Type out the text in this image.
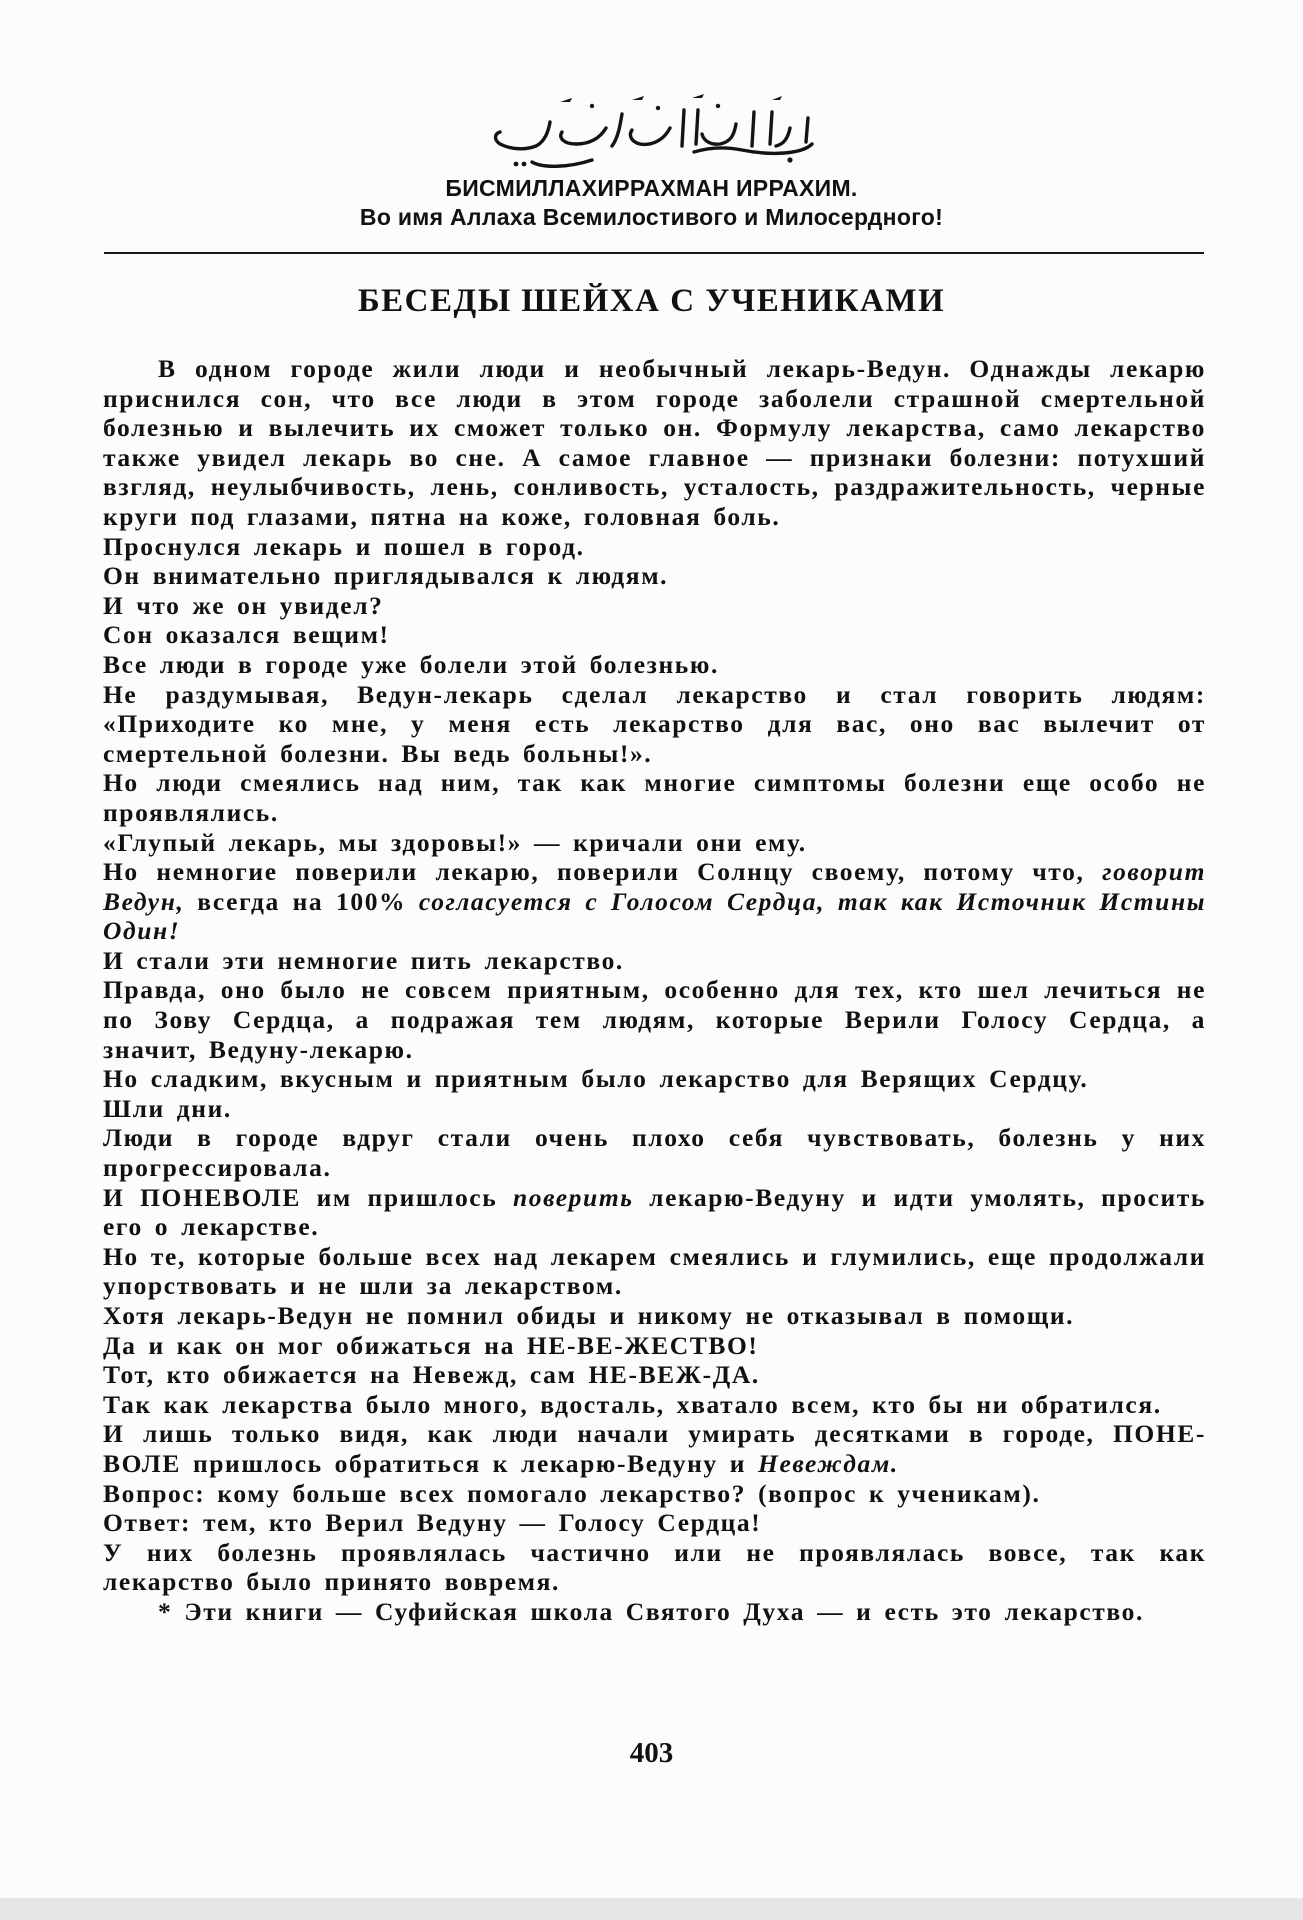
БИСМИЛЛАХИРРАХМАН ИРРАХИМ.
Во имя Аллаха Всемилостивого и Милосердного!
БЕСЕДЫ ШЕЙХА С УЧЕНИКАМИ

В одном городе жили люди и необычный лекарь-Ведун. Однажды лекарю приснился сон, что все люди в этом городе заболели страшной смертельной болезнью и вылечить их сможет только он. Формулу лекарства, само лекарство также увидел лекарь во сне. А самое главное — признаки болезни: потухший взгляд, неулыбчивость, лень, сонливость, усталость, раздражительность, черные круги под глазами, пятна на коже, головная боль.

Проснулся лекарь и пошел в город.

Он внимательно приглядывался к людям.

И что же он увидел?

Сон оказался вещим!

Все люди в городе уже болели этой болезнью.

Не раздумывая, Ведун-лекарь сделал лекарство и стал говорить людям: «Приходите ко мне, у меня есть лекарство для вас, оно вас вылечит от смертельной болезни. Вы ведь больны!».

Но люди смеялись над ним, так как многие симптомы болезни еще особо не проявлялись.

«Глупый лекарь, мы здоровы!» — кричали они ему.

Но немногие поверили лекарю, поверили Солнцу своему, потому что, говорит Ведун, всегда на 100% согласуется с Голосом Сердца, так как Источник Истины Один!

И стали эти немногие пить лекарство.

Правда, оно было не совсем приятным, особенно для тех, кто шел лечиться не по Зову Сердца, а подражая тем людям, которые Верили Голосу Сердца, а значит, Ведуну-лекарю.

Но сладким, вкусным и приятным было лекарство для Верящих Сердцу.

Шли дни.

Люди в городе вдруг стали очень плохо себя чувствовать, болезнь у них прогрессировала.

И ПОНЕВОЛЕ им пришлось поверить лекарю-Ведуну и идти умолять, просить его о лекарстве.

Но те, которые больше всех над лекарем смеялись и глумились, еще продолжали упорствовать и не шли за лекарством.

Хотя лекарь-Ведун не помнил обиды и никому не отказывал в помощи.

Да и как он мог обижаться на НЕ-ВЕ-ЖЕСТВО!

Тот, кто обижается на Невежд, сам НЕ-ВЕЖ-ДА.

Так как лекарства было много, вдосталь, хватало всем, кто бы ни обратился.

И лишь только видя, как люди начали умирать десятками в городе, ПОНЕ-ВОЛЕ пришлось обратиться к лекарю-Ведуну и Невеждам.

Вопрос: кому больше всех помогало лекарство? (вопрос к ученикам).

Ответ: тем, кто Верил Ведуну — Голосу Сердца!

У них болезнь проявлялась частично или не проявлялась вовсе, так как лекарство было принято вовремя.

* Эти книги — Суфийская школа Святого Духа — и есть это лекарство.

403
